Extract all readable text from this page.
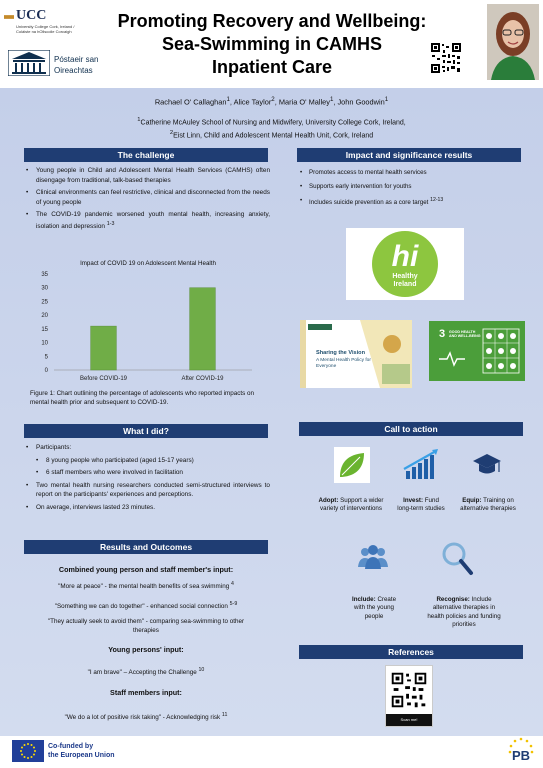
UCC
University College Cork, Ireland / Coláiste na hOllscoile Corcaigh
Póstaeir san
Oireachtas
Promoting Recovery and Wellbeing:
Sea-Swimming in CAMHS
Inpatient Care
Rachael O' Callaghan$^1$, Alice Taylor$^2$, Maria O' Malley$^1$, John Goodwin$^1$
$^1$Catherine McAuley School of Nursing and Midwifery, University College Cork, Ireland,
$^2$Eist Linn, Child and Adolescent Mental Health Unit, Cork, Ireland
The challenge
• Young people in Child and Adolescent Mental Health Services (CAMHS) often disengage from traditional, talk-based therapies
• Clinical environments can feel restrictive, clinical and disconnected from the needs of young people
• The COVID-19 pandemic worsened youth mental health, increasing anxiety, isolation and depression $^{1-3}$
Impact of COVID 19 on Adolescent Mental Health
0
5
10
15
20
25
30
35
Before COVID-19	After COVID-19
Figure 1: Chart outlining the percentage of adolescents who reported impacts on mental health prior and subsequent to COVID-19.
What I did?
• Participants:
• 8 young people who participated (aged 15-17 years)
• 6 staff members who were involved in facilitation
• Two mental health nursing researchers conducted semi-structured interviews to report on the participants' experiences and perceptions.
• On average, interviews lasted 23 minutes.
Results and Outcomes
Combined young person and staff member's input:
"More at peace" - the mental health benefits of sea swimming $^4$
"Something we can do together" - enhanced social connection $^{5-9}$
"They actually seek to avoid them" - comparing sea-swimming to other
therapies
Young persons' input:
"I am brave" – Accepting the Challenge $^{10}$
Staff members input:
"We do a lot of positive risk taking" - Acknowledging risk $^{11}$
Impact and significance results
• Promotes access to mental health services
• Supports early intervention for youths
• Includes suicide prevention as a core target $^{12-13}$
hi
Healthy
Ireland
Sharing the Vision
A Mental Health Policy for Everyone
3 GOOD HEALTH AND WELL-BEING
Call to action
Adopt: Support a wider variety of interventions
Invest: Fund long-term studies
Equip: Training on alternative therapies
Include: Create with the young people
Recognise: Include alternative therapies in health policies and funding priorities
References
Scan me!
Co-funded by
the European Union	PB
